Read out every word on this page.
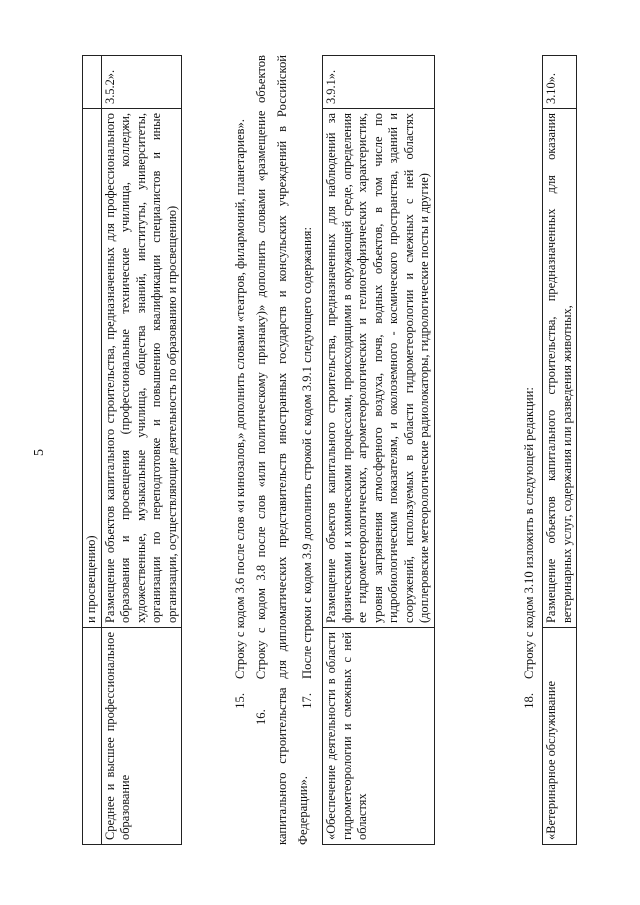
5
	и просвещению)	
Среднее и высшее профессиональное образование	Размещение объектов капитального строительства, предназначенных для профессионального образования и просвещения (профессиональные технические училища, колледжи, художественные, музыкальные училища, общества знаний, институты, университеты, организации по переподготовке и повышению квалификации специалистов и иные организации, осуществляющие деятельность по образованию и просвещению)	3.5.2».
15.Строку с кодом 3.6 после слов «и кинозалов,» дополнить словами «театров, филармоний, планетариев».
16.    Строку с кодом 3.8 после слов «или политическому признаку)» дополнить словами «размещение объектов капитального строительства для дипломатических представительств иностранных государств и консульских учреждений в Российской Федерации».
17.После строки с кодом 3.9 дополнить строкой с кодом 3.9.1 следующего содержания:
«Обеспечение деятельности в области гидрометеорологии и смежных с ней областях	Размещение объектов капитального строительства, предназначенных для наблюдений за физическими и химическими процессами, происходящими в окружающей среде, определения ее гидрометеорологических, агрометеорологических и гелиогеофизических характеристик, уровня загрязнения атмосферного воздуха, почв, водных объектов, в том числе по гидробиологическим показателям, и околоземного - космического пространства, зданий и сооружений, используемых в области гидрометеорологии и смежных с ней областях (доплеровские метеорологические радиолокаторы, гидрологические посты и другие)	3.9.1».
18.Строку с кодом 3.10 изложить в следующей редакции:
«Ветеринарное обслуживание	Размещение объектов капитального строительства, предназначенных для оказания ветеринарных услуг, содержания или разведения животных,	3.10».
